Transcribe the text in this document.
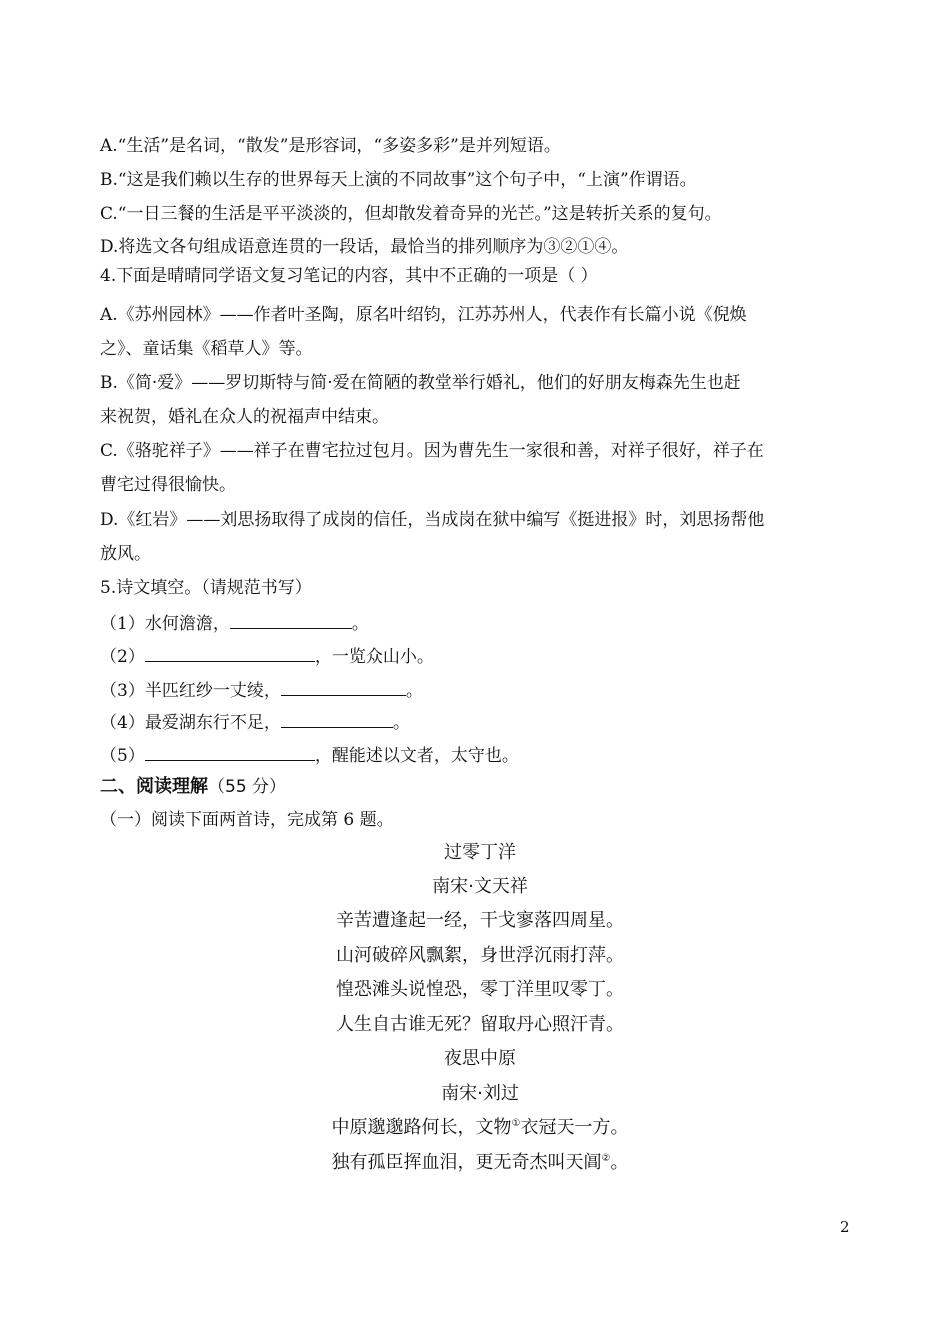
A.“生活”是名词，“散发”是形容词，“多姿多彩”是并列短语。
B.“这是我们赖以生存的世界每天上演的不同故事”这个句子中，“上演”作谓语。
C.“一日三餐的生活是平平淡淡的，但却散发着奇异的光芒。”这是转折关系的复句。
D.将选文各句组成语意连贯的一段话，最恰当的排列顺序为③②①④。
4.下面是晴晴同学语文复习笔记的内容，其中不正确的一项是（ ）
A.《苏州园林》——作者叶圣陶，原名叶绍钧，江苏苏州人，代表作有长篇小说《倪焕
之》、童话集《稻草人》等。
B.《简·爱》——罗切斯特与简·爱在简陋的教堂举行婚礼，他们的好朋友梅森先生也赶
来祝贺，婚礼在众人的祝福声中结束。
C.《骆驼祥子》——祥子在曹宅拉过包月。因为曹先生一家很和善，对祥子很好，祥子在
曹宅过得很愉快。
D.《红岩》——刘思扬取得了成岗的信任，当成岗在狱中编写《挺进报》时，刘思扬帮他
放风。
5.诗文填空。（请规范书写）
（1）水何澹澹，	。
（2）	，一览众山小。
（3）半匹红纱一丈绫，	。
（4）最爱湖东行不足，	。
（5）	，醒能述以文者，太守也。
二、阅读理解（55 分）
（一）阅读下面两首诗，完成第 6 题。
过零丁洋
南宋·文天祥
辛苦遭逢起一经，干戈寥落四周星。
山河破碎风飘絮，身世浮沉雨打萍。
惶恐滩头说惶恐，零丁洋里叹零丁。
人生自古谁无死？留取丹心照汗青。
夜思中原
南宋·刘过
中原邈邈路何长，文物①衣冠天一方。
独有孤臣挥血泪，更无奇杰叫天阊②。
2
